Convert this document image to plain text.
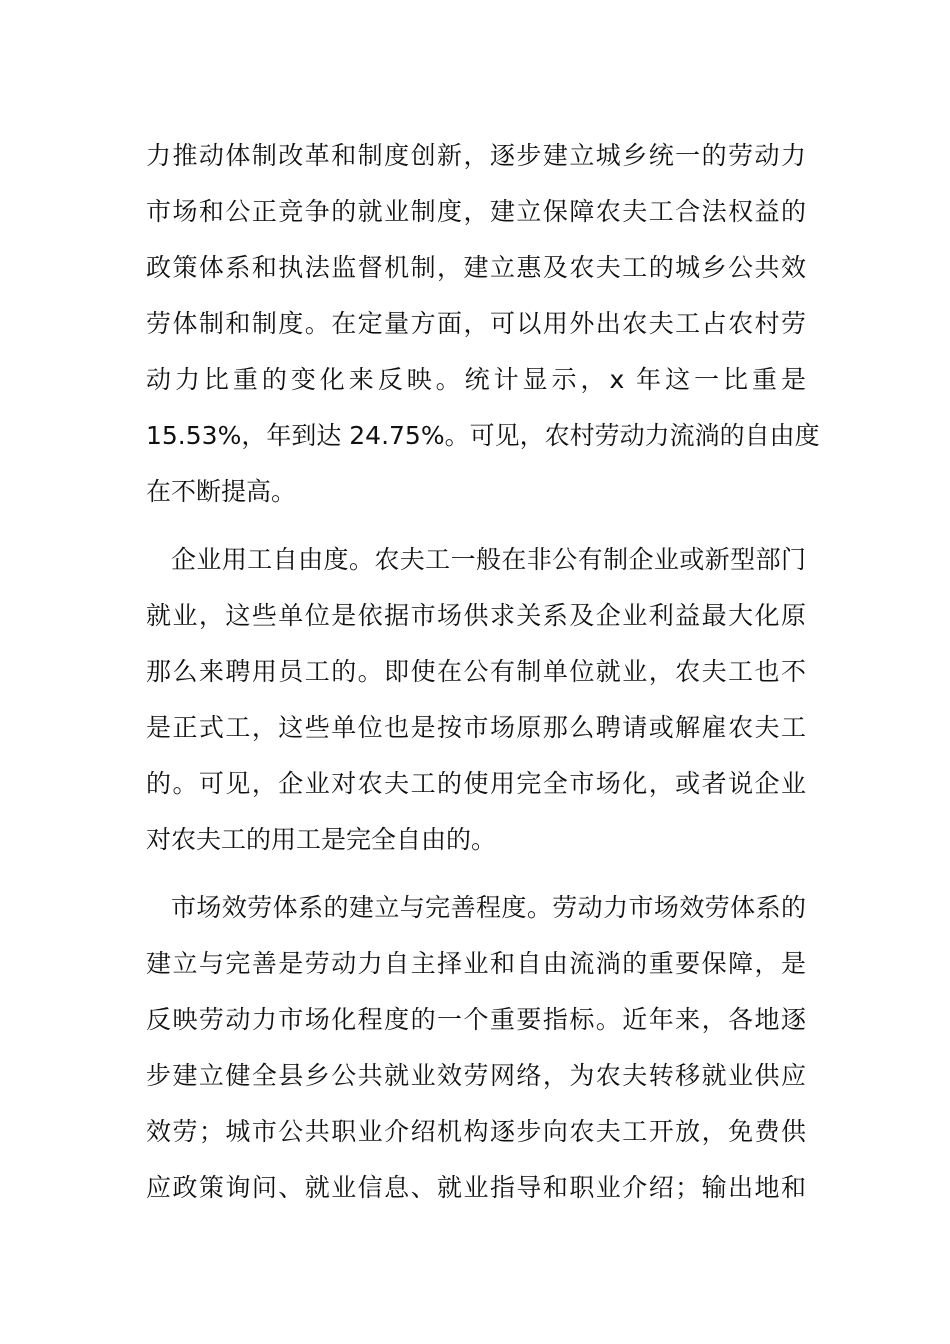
力推动体制改革和制度创新，逐步建立城乡统一的劳动力
市场和公正竞争的就业制度，建立保障农夫工合法权益的
政策体系和执法监督机制，建立惠及农夫工的城乡公共效
劳体制和制度。在定量方面，可以用外出农夫工占农村劳
动力比重的变化来反映。统计显示，x 年这一比重是
15.53%，年到达 24.75%。可见，农村劳动力流淌的自由度
在不断提高。
企业用工自由度。农夫工一般在非公有制企业或新型部门
就业，这些单位是依据市场供求关系及企业利益最大化原
那么来聘用员工的。即使在公有制单位就业，农夫工也不
是正式工，这些单位也是按市场原那么聘请或解雇农夫工
的。可见，企业对农夫工的使用完全市场化，或者说企业
对农夫工的用工是完全自由的。
市场效劳体系的建立与完善程度。劳动力市场效劳体系的
建立与完善是劳动力自主择业和自由流淌的重要保障，是
反映劳动力市场化程度的一个重要指标。近年来，各地逐
步建立健全县乡公共就业效劳网络，为农夫转移就业供应
效劳；城市公共职业介绍机构逐步向农夫工开放，免费供
应政策询问、就业信息、就业指导和职业介绍；输出地和
